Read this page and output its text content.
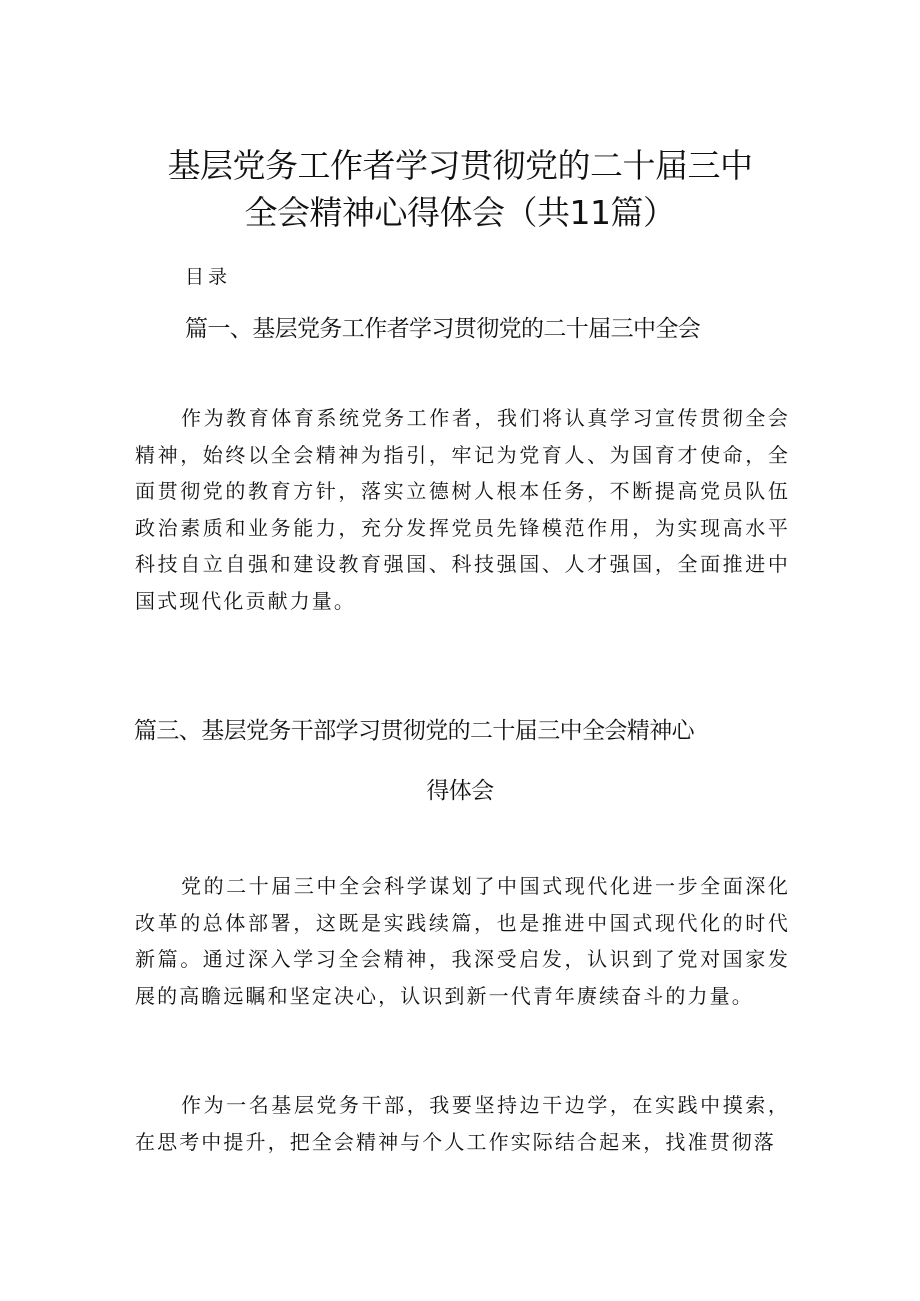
基层党务工作者学习贯彻党的二十届三中
全会精神心得体会（共11篇）
目录
篇一、基层党务工作者学习贯彻党的二十届三中全会

作为教育体育系统党务工作者，我们将认真学习宣传贯彻全会精神，始终以全会精神为指引，牢记为党育人、为国育才使命，全面贯彻党的教育方针，落实立德树人根本任务，不断提高党员队伍政治素质和业务能力，充分发挥党员先锋模范作用，为实现高水平科技自立自强和建设教育强国、科技强国、人才强国，全面推进中国式现代化贡献力量。

篇三、基层党务干部学习贯彻党的二十届三中全会精神心
得体会

党的二十届三中全会科学谋划了中国式现代化进一步全面深化改革的总体部署，这既是实践续篇，也是推进中国式现代化的时代新篇。通过深入学习全会精神，我深受启发，认识到了党对国家发展的高瞻远瞩和坚定决心，认识到新一代青年赓续奋斗的力量。

作为一名基层党务干部，我要坚持边干边学，在实践中摸索，在思考中提升，把全会精神与个人工作实际结合起来，找准贯彻落
